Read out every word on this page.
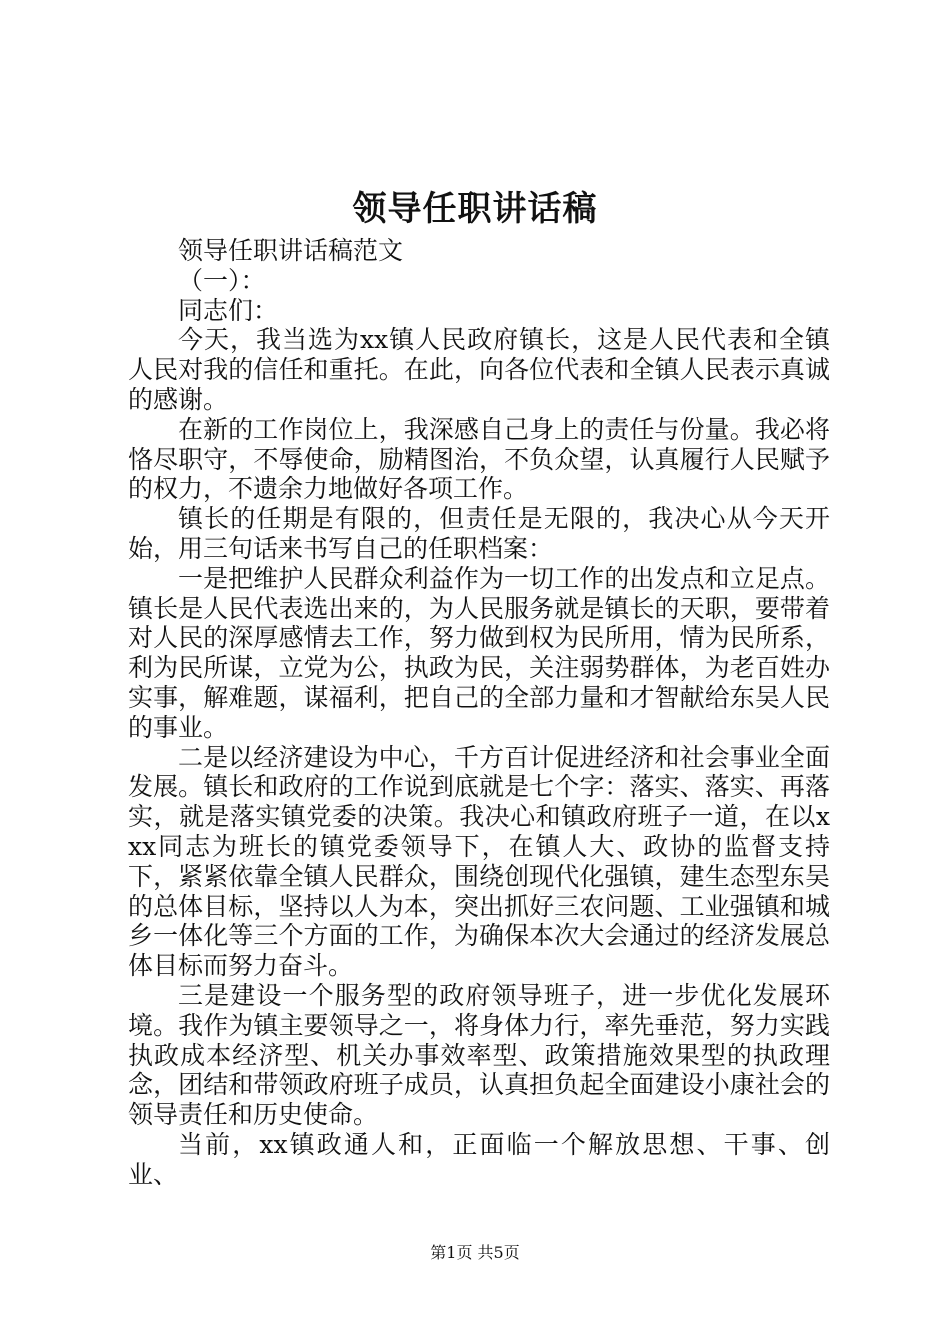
领导任职讲话稿

领导任职讲话稿范文

（一）：

同志们：

今天，我当选为xx镇人民政府镇长，这是人民代表和全镇人民对我的信任和重托。在此，向各位代表和全镇人民表示真诚的感谢。

在新的工作岗位上，我深感自己身上的责任与份量。我必将恪尽职守，不辱使命，励精图治，不负众望，认真履行人民赋予的权力，不遗余力地做好各项工作。

镇长的任期是有限的，但责任是无限的，我决心从今天开始，用三句话来书写自己的任职档案：

一是把维护人民群众利益作为一切工作的出发点和立足点。镇长是人民代表选出来的，为人民服务就是镇长的天职，要带着对人民的深厚感情去工作，努力做到权为民所用，情为民所系，利为民所谋，立党为公，执政为民，关注弱势群体，为老百姓办实事，解难题，谋福利，把自己的全部力量和才智献给东吴人民的事业。

二是以经济建设为中心，千方百计促进经济和社会事业全面发展。镇长和政府的工作说到底就是七个字：落实、落实、再落实，就是落实镇党委的决策。我决心和镇政府班子一道，在以xxx同志为班长的镇党委领导下，在镇人大、政协的监督支持下，紧紧依靠全镇人民群众，围绕创现代化强镇，建生态型东吴的总体目标，坚持以人为本，突出抓好三农问题、工业强镇和城乡一体化等三个方面的工作，为确保本次大会通过的经济发展总体目标而努力奋斗。

三是建设一个服务型的政府领导班子，进一步优化发展环境。我作为镇主要领导之一，将身体力行，率先垂范，努力实践执政成本经济型、机关办事效率型、政策措施效果型的执政理念，团结和带领政府班子成员，认真担负起全面建设小康社会的领导责任和历史使命。

当前，xx镇政通人和，正面临一个解放思想、干事、创业、

第1页 共5页
